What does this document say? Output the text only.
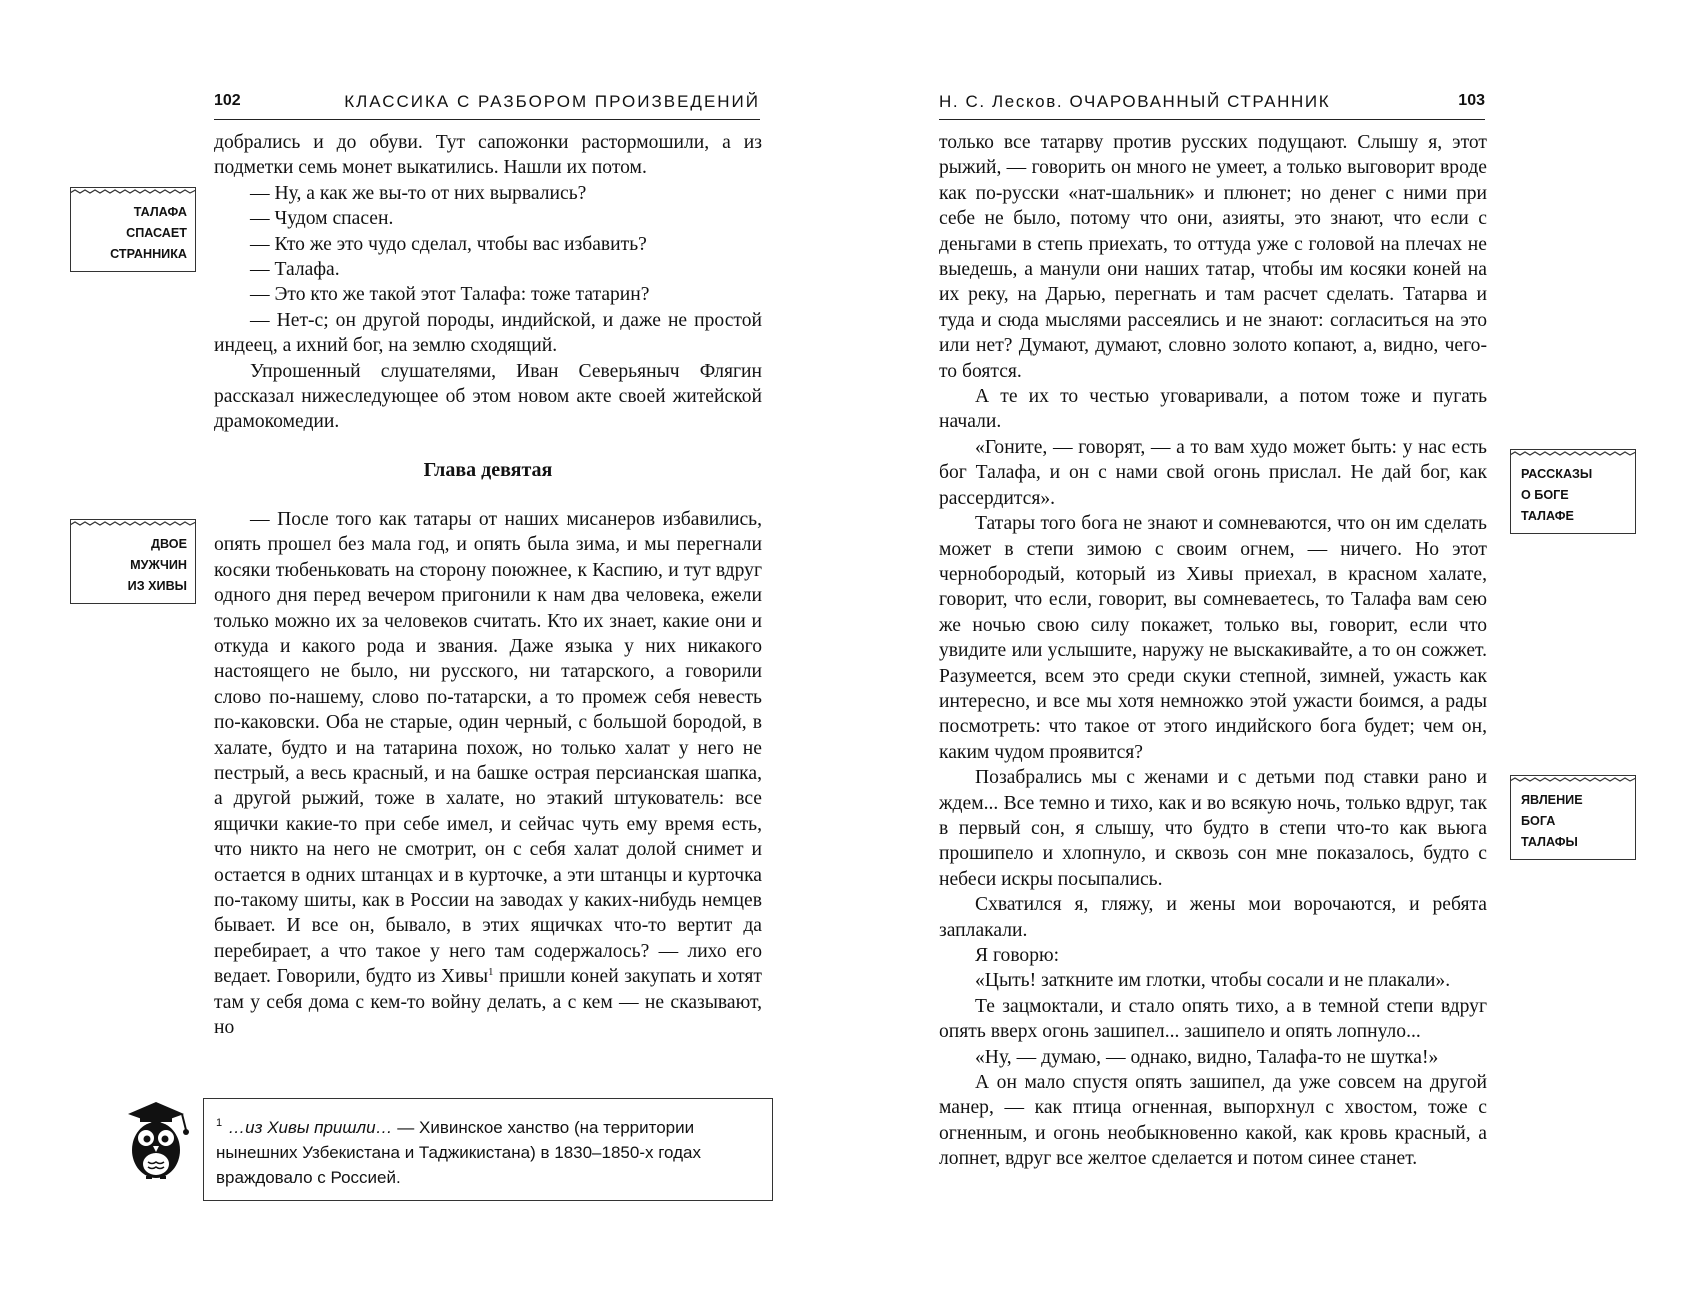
102	КЛАССИКА С РАЗБОРОМ ПРОИЗВЕДЕНИЙ

добрались и до обуви. Тут сапожонки растормошили, а из подметки семь монет выкатились. Нашли их потом.

— Ну, а как же вы-то от них вырвались?

— Чудом спасен.

— Кто же это чудо сделал, чтобы вас избавить?

— Талафа.

— Это кто же такой этот Талафа: тоже татарин?

— Нет-с; он другой породы, индийской, и даже не простой индеец, а ихний бог, на землю сходящий.

Упрошенный слушателями, Иван Северьяныч Флягин рассказал нижеследующее об этом новом акте своей житейской драмокомедии.

Глава девятая

— После того как татары от наших мисанеров избавились, опять прошел без мала год, и опять была зима, и мы перегнали косяки тюбеньковать на сторону поюжнее, к Каспию, и тут вдруг одного дня перед вечером пригонили к нам два человека, ежели только можно их за человеков считать. Кто их знает, какие они и откуда и какого рода и звания. Даже языка у них никакого настоящего не было, ни русского, ни татарского, а говорили слово по-нашему, слово по-татарски, а то промеж себя невесть по-каковски. Оба не старые, один черный, с большой бородой, в халате, будто и на татарина похож, но только халат у него не пестрый, а весь красный, и на башке острая персианская шапка, а другой рыжий, тоже в халате, но этакий штукователь: все ящички какие-то при себе имел, и сейчас чуть ему время есть, что никто на него не смотрит, он с себя халат долой снимет и остается в одних штанцах и в курточке, а эти штанцы и курточка по-такому шиты, как в России на заводах у каких-нибудь немцев бывает. И все он, бывало, в этих ящичках что-то вертит да перебирает, а что такое у него там содержалось? — лихо его ведает. Говорили, будто из Хивы$^1$ пришли коней закупать и хотят там у себя дома с кем-то войну делать, а с кем — не сказывают, но

ТАЛАФА
СПАСАЕТ
СТРАННИКА
ДВОЕ
МУЖЧИН
ИЗ ХИВЫ
$^1$ …из Хивы пришли… — Хивинское ханство (на территории нынешних Узбекистана и Таджикистана) в 1830–1850-х годах враждовало с Россией.
Н. С. Лесков. ОЧАРОВАННЫЙ СТРАННИК	103

только все татарву против русских подущают. Слышу я, этот рыжий, — говорить он много не умеет, а только выговорит вроде как по-русски «нат-шальник» и плюнет; но денег с ними при себе не было, потому что они, азияты, это знают, что если с деньгами в степь приехать, то оттудa уже с головой на плечах не выедешь, а манули они наших татар, чтобы им косяки коней на их реку, на Дарью, перегнать и там расчет сделать. Татарва и туда и сюда мыслями рассеялись и не знают: согласиться на это или нет? Думают, думают, словно золото копают, а, видно, чего-то боятся.

А те их то честью уговаривали, а потом тоже и пугать начали.

«Гоните, — говорят, — а то вам худо может быть: у нас есть бог Талафа, и он с нами свой огонь прислал. Не дай бог, как рассердится».

Татары того бога не знают и сомневаются, что он им сделать может в степи зимою с своим огнем, — ничего. Но этот чернобородый, который из Хивы приехал, в красном халате, говорит, что если, говорит, вы сомневаетесь, то Талафа вам сею же ночью свою силу покажет, только вы, говорит, если что увидите или услышите, наружу не выскакивайте, а то он сожжет. Разумеется, всем это среди скуки степной, зимней, ужасть как интересно, и все мы хотя немножко этой ужасти боимся, а рады посмотреть: что такое от этого индийского бога будет; чем он, каким чудом проявится?

Позабрались мы с женами и с детьми под ставки рано и ждем... Все темно и тихо, как и во всякую ночь, только вдруг, так в первый сон, я слышу, что будто в степи что-то как вьюга прошипело и хлопнуло, и сквозь сон мне показалось, будто с небеси искры посыпались.

Схватился я, гляжу, и жены мои ворочаются, и ребята заплакали.

Я говорю:

«Цыть! заткните им глотки, чтобы сосали и не плакали».

Те зацмоктали, и стало опять тихо, а в темной степи вдруг опять вверх огонь зашипел... зашипело и опять лопнуло...

«Ну, — думаю, — однако, видно, Талафа-то не шутка!»

А он мало спустя опять зашипел, да уже совсем на другой манер, — как птица огненная, выпорхнул с хвостом, тоже с огненным, и огонь необыкновенно какой, как кровь красный, а лопнет, вдруг все желтое сделается и потом синее станет.

РАССКАЗЫ
О БОГЕ
ТАЛАФЕ
ЯВЛЕНИЕ
БОГА
ТАЛАФЫ
